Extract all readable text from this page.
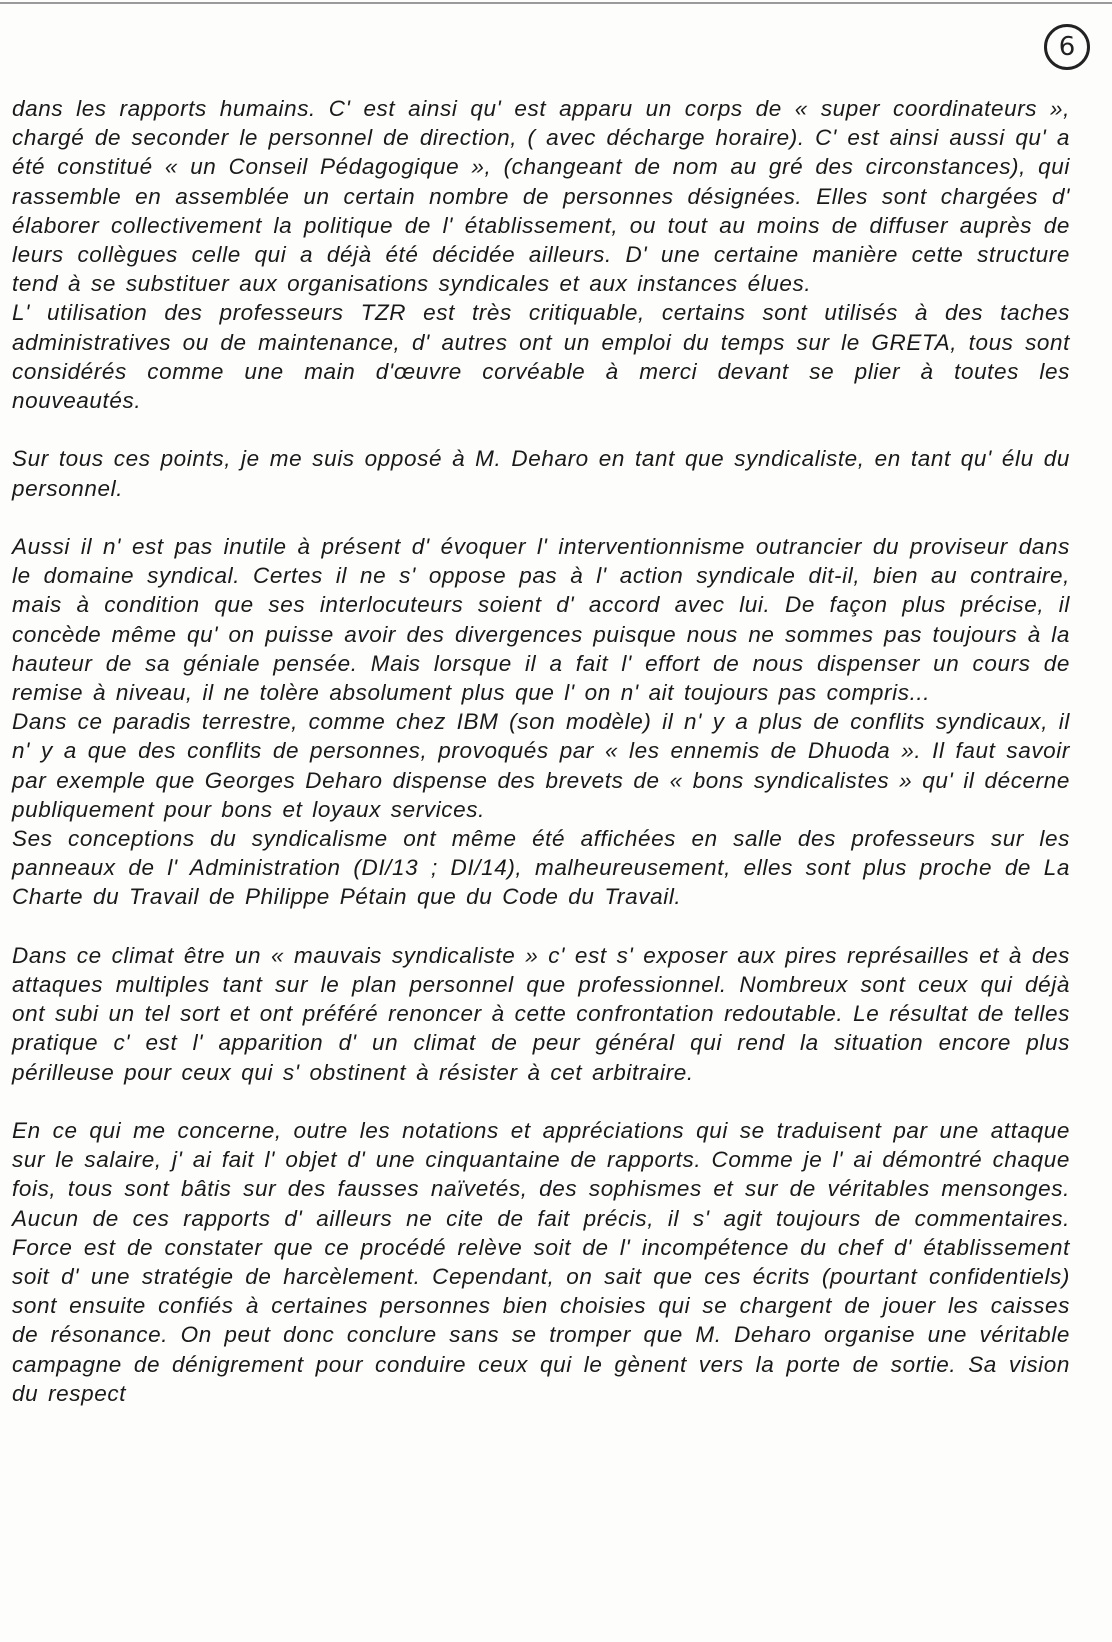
6

dans les rapports humains. C' est ainsi qu' est apparu un corps de « super coordinateurs », chargé de seconder le personnel de direction, ( avec décharge horaire). C' est ainsi aussi qu' a été constitué « un Conseil Pédagogique », (changeant de nom au gré des circonstances), qui rassemble en assemblée un certain nombre de personnes désignées. Elles sont chargées d' élaborer collectivement la politique de l' établissement, ou tout au moins de diffuser auprès de leurs collègues celle qui a déjà été décidée ailleurs. D' une certaine manière cette structure tend à se substituer aux organisations syndicales et aux instances élues.

L' utilisation des professeurs TZR est très critiquable, certains sont utilisés à des taches administratives ou de maintenance, d' autres ont un emploi du temps sur le GRETA, tous sont considérés comme une main d'œuvre corvéable à merci devant se plier à toutes les nouveautés.

Sur tous ces points, je me suis opposé à M. Deharo en tant que syndicaliste, en tant qu' élu du personnel.

Aussi il n' est pas inutile à présent d' évoquer l' interventionnisme outrancier du proviseur dans le domaine syndical. Certes il ne s' oppose pas à l' action syndicale dit-il, bien au contraire, mais à condition que ses interlocuteurs soient d' accord avec lui. De façon plus précise, il concède même qu' on puisse avoir des divergences puisque nous ne sommes pas toujours à la hauteur de sa géniale pensée. Mais lorsque il a fait l' effort de nous dispenser un cours de remise à niveau, il ne tolère absolument plus que l' on n' ait toujours pas compris...

Dans ce paradis terrestre, comme chez IBM (son modèle) il n' y a plus de conflits syndicaux, il n' y a que des conflits de personnes, provoqués par « les ennemis de Dhuoda ». Il faut savoir par exemple que Georges Deharo dispense des brevets de « bons syndicalistes » qu' il décerne publiquement pour bons et loyaux services.

Ses conceptions du syndicalisme ont même été affichées en salle des professeurs sur les panneaux de l' Administration (DI/13 ; DI/14), malheureusement, elles sont plus proche de La Charte du Travail de Philippe Pétain que du Code du Travail.

Dans ce climat être un « mauvais syndicaliste » c' est s' exposer aux pires représailles et à des attaques multiples tant sur le plan personnel que professionnel. Nombreux sont ceux qui déjà ont subi un tel sort et ont préféré renoncer à cette confrontation redoutable. Le résultat de telles pratique c' est l' apparition d' un climat de peur général qui rend la situation encore plus périlleuse pour ceux qui s' obstinent à résister à cet arbitraire.

En ce qui me concerne, outre les notations et appréciations qui se traduisent par une attaque sur le salaire, j' ai fait l' objet d' une cinquantaine de rapports. Comme je l' ai démontré chaque fois, tous sont bâtis sur des fausses naïvetés, des sophismes et sur de véritables mensonges. Aucun de ces rapports d' ailleurs ne cite de fait précis, il s' agit toujours de commentaires. Force est de constater que ce procédé relève soit de l' incompétence du chef d' établissement soit d' une stratégie de harcèlement. Cependant, on sait que ces écrits (pourtant confidentiels) sont ensuite confiés à certaines personnes bien choisies qui se chargent de jouer les caisses de résonance. On peut donc conclure sans se tromper que M. Deharo organise une véritable campagne de dénigrement pour conduire ceux qui le gènent vers la porte de sortie. Sa vision du respect
